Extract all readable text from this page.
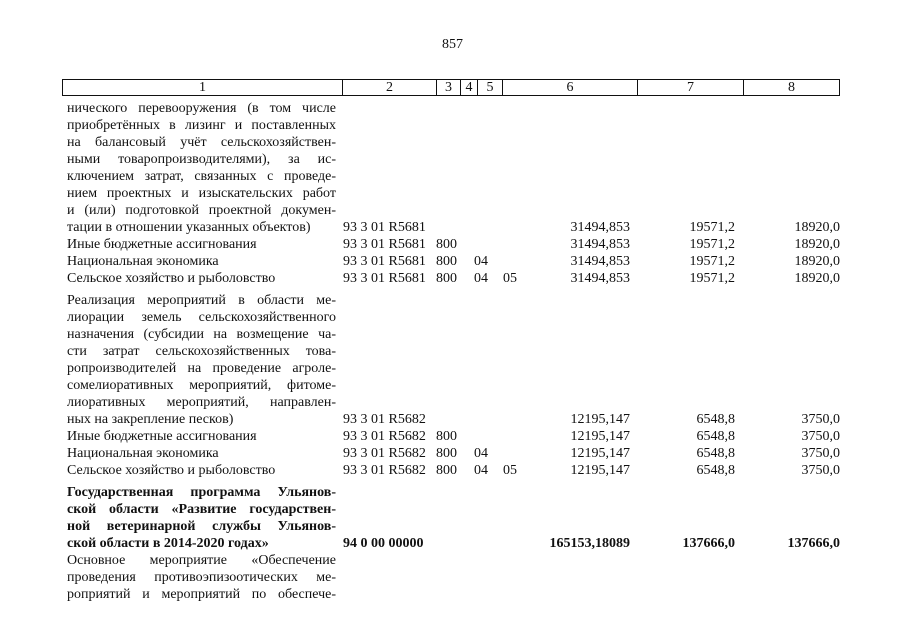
857
1	2	3 4	5	6	7	8
нического перевооружения (в том числе
приобретённых в лизинг и поставленных
на балансовый учёт сельскохозяйствен-
ными товаропроизводителями), за ис-
ключением затрат, связанных с проведе-
нием проектных и изыскательских работ
и (или) подготовкой проектной докумен-
тации в отношении указанных объектов)	93 3 01 R5681	31494,853	19571,2	18920,0
Иные бюджетные ассигнования	93 3 01 R5681 800	31494,853	19571,2	18920,0
Национальная экономика	93 3 01 R5681 800 04	31494,853	19571,2	18920,0
Сельское хозяйство и рыболовство	93 3 01 R5681 800 04 05	31494,853	19571,2	18920,0
Реализация мероприятий в области ме-
лиорации земель сельскохозяйственного
назначения (субсидии на возмещение ча-
сти затрат сельскохозяйственных това-
ропроизводителей на проведение агроле-
сомелиоративных мероприятий, фитоме-
лиоративных мероприятий, направлен-
ных на закрепление песков)	93 3 01 R5682	12195,147	6548,8	3750,0
Иные бюджетные ассигнования	93 3 01 R5682 800	12195,147	6548,8	3750,0
Национальная экономика	93 3 01 R5682 800 04	12195,147	6548,8	3750,0
Сельское хозяйство и рыболовство	93 3 01 R5682 800 04 05	12195,147	6548,8	3750,0
Государственная программа Ульянов-
ской области «Развитие государствен-
ной ветеринарной службы Ульянов-
ской области в 2014-2020 годах»	94 0 00 00000	165153,18089	137666,0	137666,0
Основное мероприятие «Обеспечение
проведения противоэпизоотических ме-
роприятий и мероприятий по обеспече-
